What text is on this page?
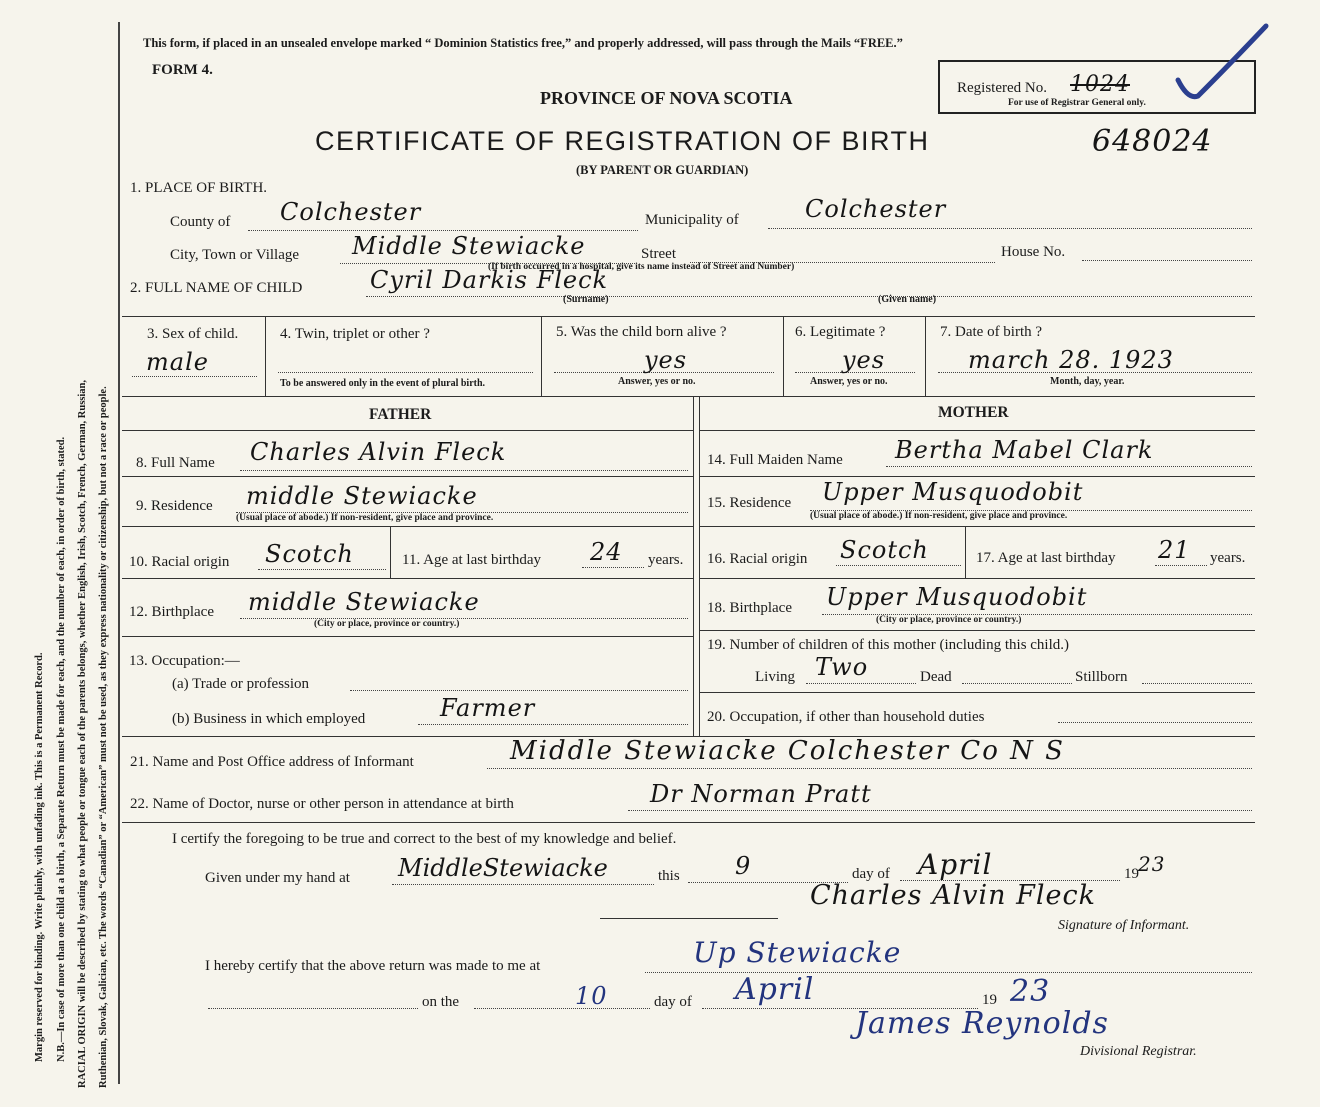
Margin reserved for binding. Write plainly, with unfading ink. This is a Permanent Record. N.B.—In case of more than one child at a birth, a Separate Return must be made for each, and the number of each, in order of birth, stated. RACIAL ORIGIN will be described by stating to what people or tongue each of the parents belongs, whether English, Irish, Scotch, French, German, Russian, Ruthenian, Slovak, Galician, etc. The words “Canadian” or “American” must not be used, as they express nationality or citizenship, but not a race or people.
This form, if placed in an unsealed envelope marked “ Dominion Statistics free,” and properly addressed, will pass through the Mails “FREE.”
FORM 4.
PROVINCE OF NOVA SCOTIA
CERTIFICATE OF REGISTRATION OF BIRTH	648024
(BY PARENT OR GUARDIAN)
Registered No. 1024
For use of Registrar General only.
1. PLACE OF BIRTH.
County of Colchester	Municipality of	Colchester
City, Town or Village Middle Stewiacke	Street	House No.
(If birth occurred in a hospital, give its name instead of Street and Number)
2. FULL NAME OF CHILD	Cyril Darkis Fleck
(Surname)	(Given name)
3. Sex of child.
male
4. Twin, triplet or other ?
To be answered only in the event of plural birth.
5. Was the child born alive ?
yes
Answer, yes or no.
6. Legitimate ?
yes
Answer, yes or no.
7. Date of birth ?
march 28. 1923
Month, day, year.
FATHER
8. Full Name Charles Alvin Fleck
9. Residence middle Stewiacke
(Usual place of abode.) If non-resident, give place and province.
10. Racial origin Scotch	11. Age at last birthday 24 years.
12. Birthplace middle Stewiacke
(City or place, province or country.)
13. Occupation:—
(a) Trade or profession
(b) Business in which employed	Farmer
MOTHER
14. Full Maiden Name Bertha Mabel Clark
15. Residence Upper Musquodobit
(Usual place of abode.) If non-resident, give place and province.
16. Racial origin Scotch	17. Age at last birthday 21 years.
18. Birthplace Upper Musquodobit
(City or place, province or country.)
19. Number of children of this mother (including this child.)
Living Two	Dead	Stillborn
20. Occupation, if other than household duties
21. Name and Post Office address of Informant	Middle Stewiacke Colchester Co N S
22. Name of Doctor, nurse or other person in attendance at birth	Dr Norman Pratt
I certify the foregoing to be true and correct to the best of my knowledge and belief.
Given under my hand at MiddleStewiacke	this 9	day of April	19 23
Charles Alvin Fleck
Signature of Informant.
I hereby certify that the above return was made to me at	Up Stewiacke
on the	10	day of April	19 23
James Reynolds
Divisional Registrar.
